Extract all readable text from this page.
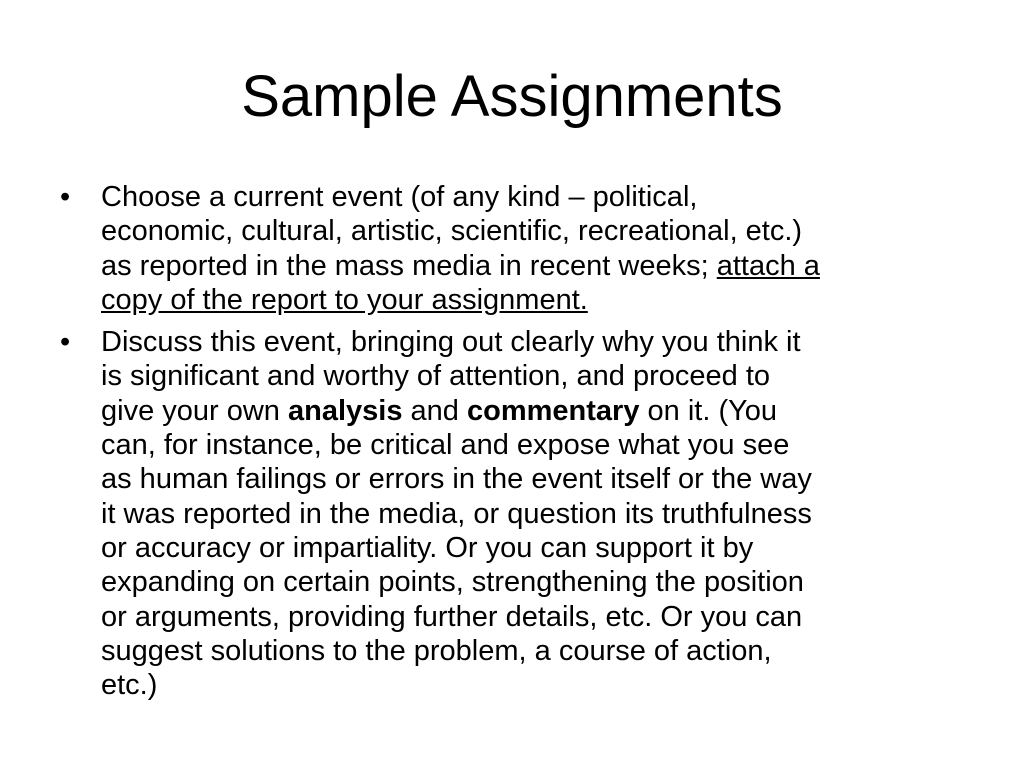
Sample Assignments
• Choose a current event (of any kind – political,
economic, cultural, artistic, scientific, recreational, etc.)
as reported in the mass media in recent weeks; attach a
copy of the report to your assignment.
• Discuss this event, bringing out clearly why you think it
is significant and worthy of attention, and proceed to
give your own analysis and commentary on it. (You
can, for instance, be critical and expose what you see
as human failings or errors in the event itself or the way
it was reported in the media, or question its truthfulness
or accuracy or impartiality. Or you can support it by
expanding on certain points, strengthening the position
or arguments, providing further details, etc. Or you can
suggest solutions to the problem, a course of action,
etc.)
